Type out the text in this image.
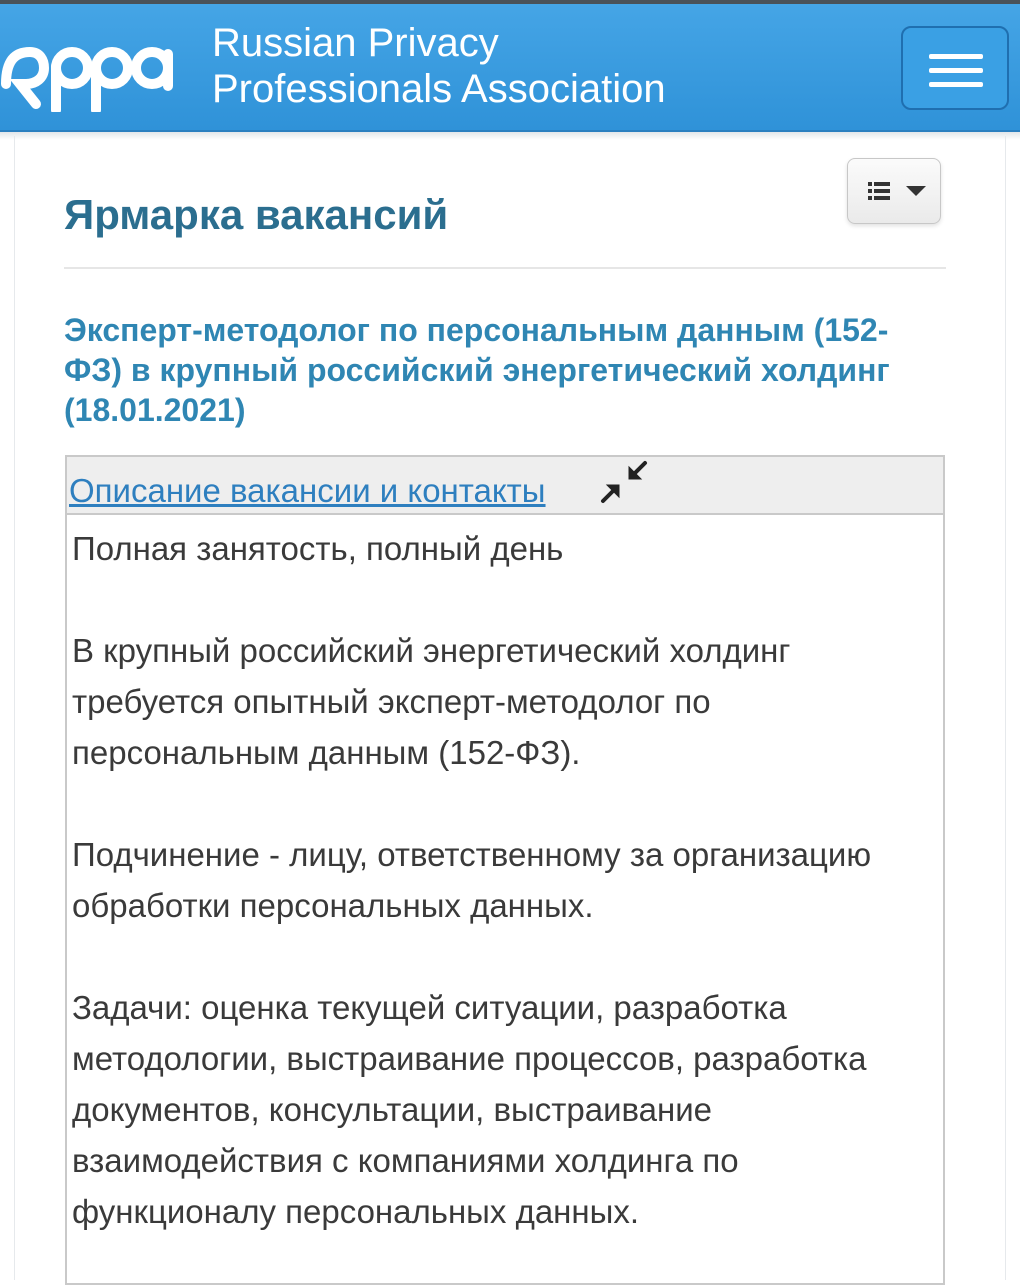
Russian Privacy
Professionals Association

Ярмарка вакансий
Эксперт-методолог по персональным данным (152-ФЗ) в крупный российский энергетический холдинг (18.01.2021)
Описание вакансии и контакты

Полная занятость, полный день

В крупный российский энергетический холдинг требуется опытный эксперт-методолог по персональным данным (152-ФЗ).

Подчинение - лицу, ответственному за организацию обработки персональных данных.

Задачи: оценка текущей ситуации, разработка методологии, выстраивание процессов, разработка документов, консультации, выстраивание взаимодействия с компаниями холдинга по функционалу персональных данных.
